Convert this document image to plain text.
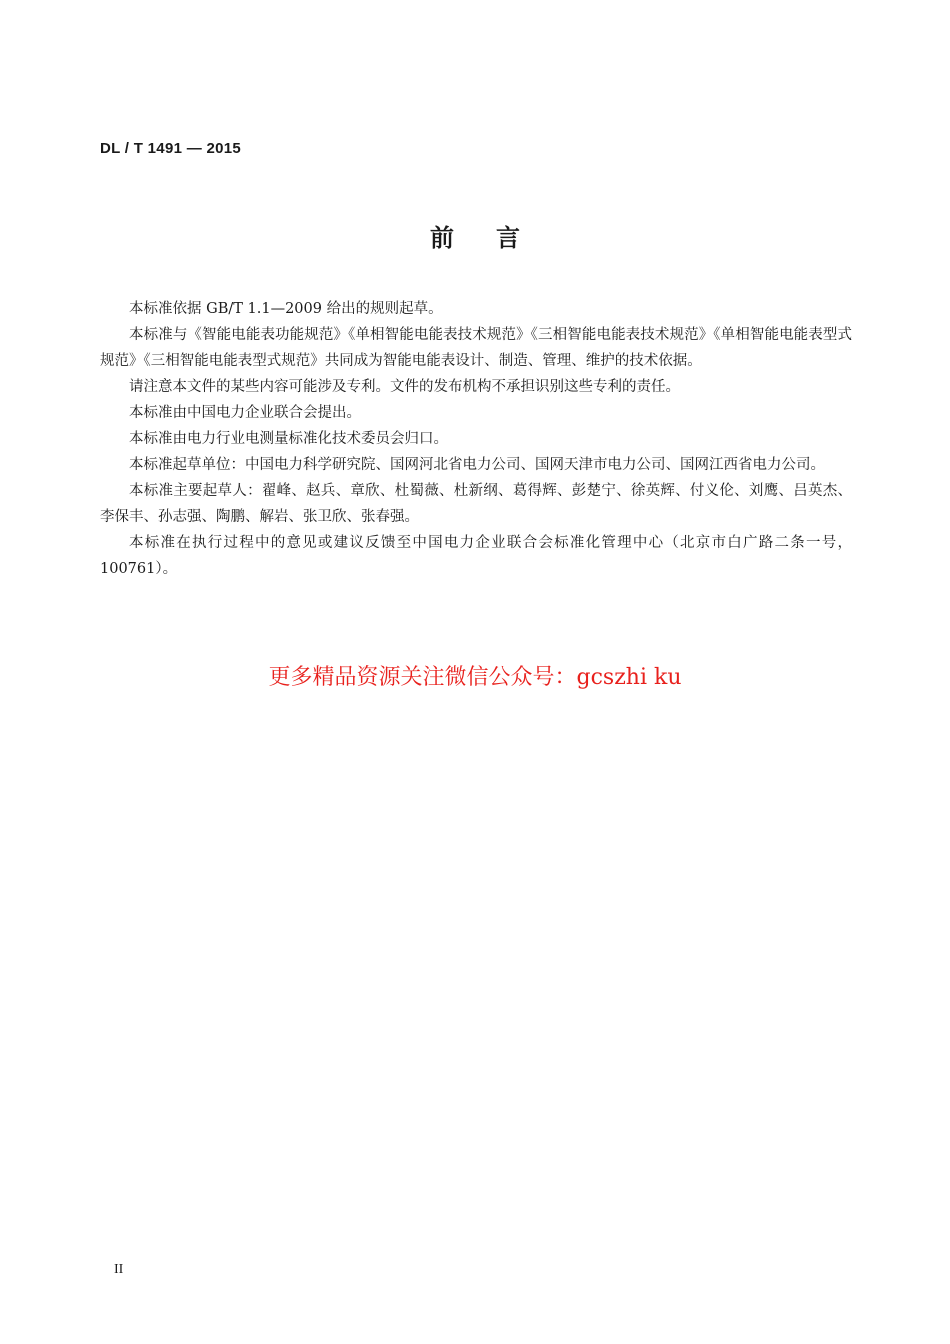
DL / T 1491 — 2015
前言

本标准依据 GB/T 1.1—2009 给出的规则起草。

本标准与《智能电能表功能规范》《单相智能电能表技术规范》《三相智能电能表技术规范》《单相智能电能表型式规范》《三相智能电能表型式规范》共同成为智能电能表设计、制造、管理、维护的技术依据。

请注意本文件的某些内容可能涉及专利。文件的发布机构不承担识别这些专利的责任。

本标准由中国电力企业联合会提出。

本标准由电力行业电测量标准化技术委员会归口。

本标准起草单位：中国电力科学研究院、国网河北省电力公司、国网天津市电力公司、国网江西省电力公司。

本标准主要起草人：翟峰、赵兵、章欣、杜蜀薇、杜新纲、葛得辉、彭楚宁、徐英辉、付义伦、刘鹰、吕英杰、李保丰、孙志强、陶鹏、解岩、张卫欣、张春强。

本标准在执行过程中的意见或建议反馈至中国电力企业联合会标准化管理中心（北京市白广路二条一号，100761）。

更多精品资源关注微信公众号：gcszhi ku
II
